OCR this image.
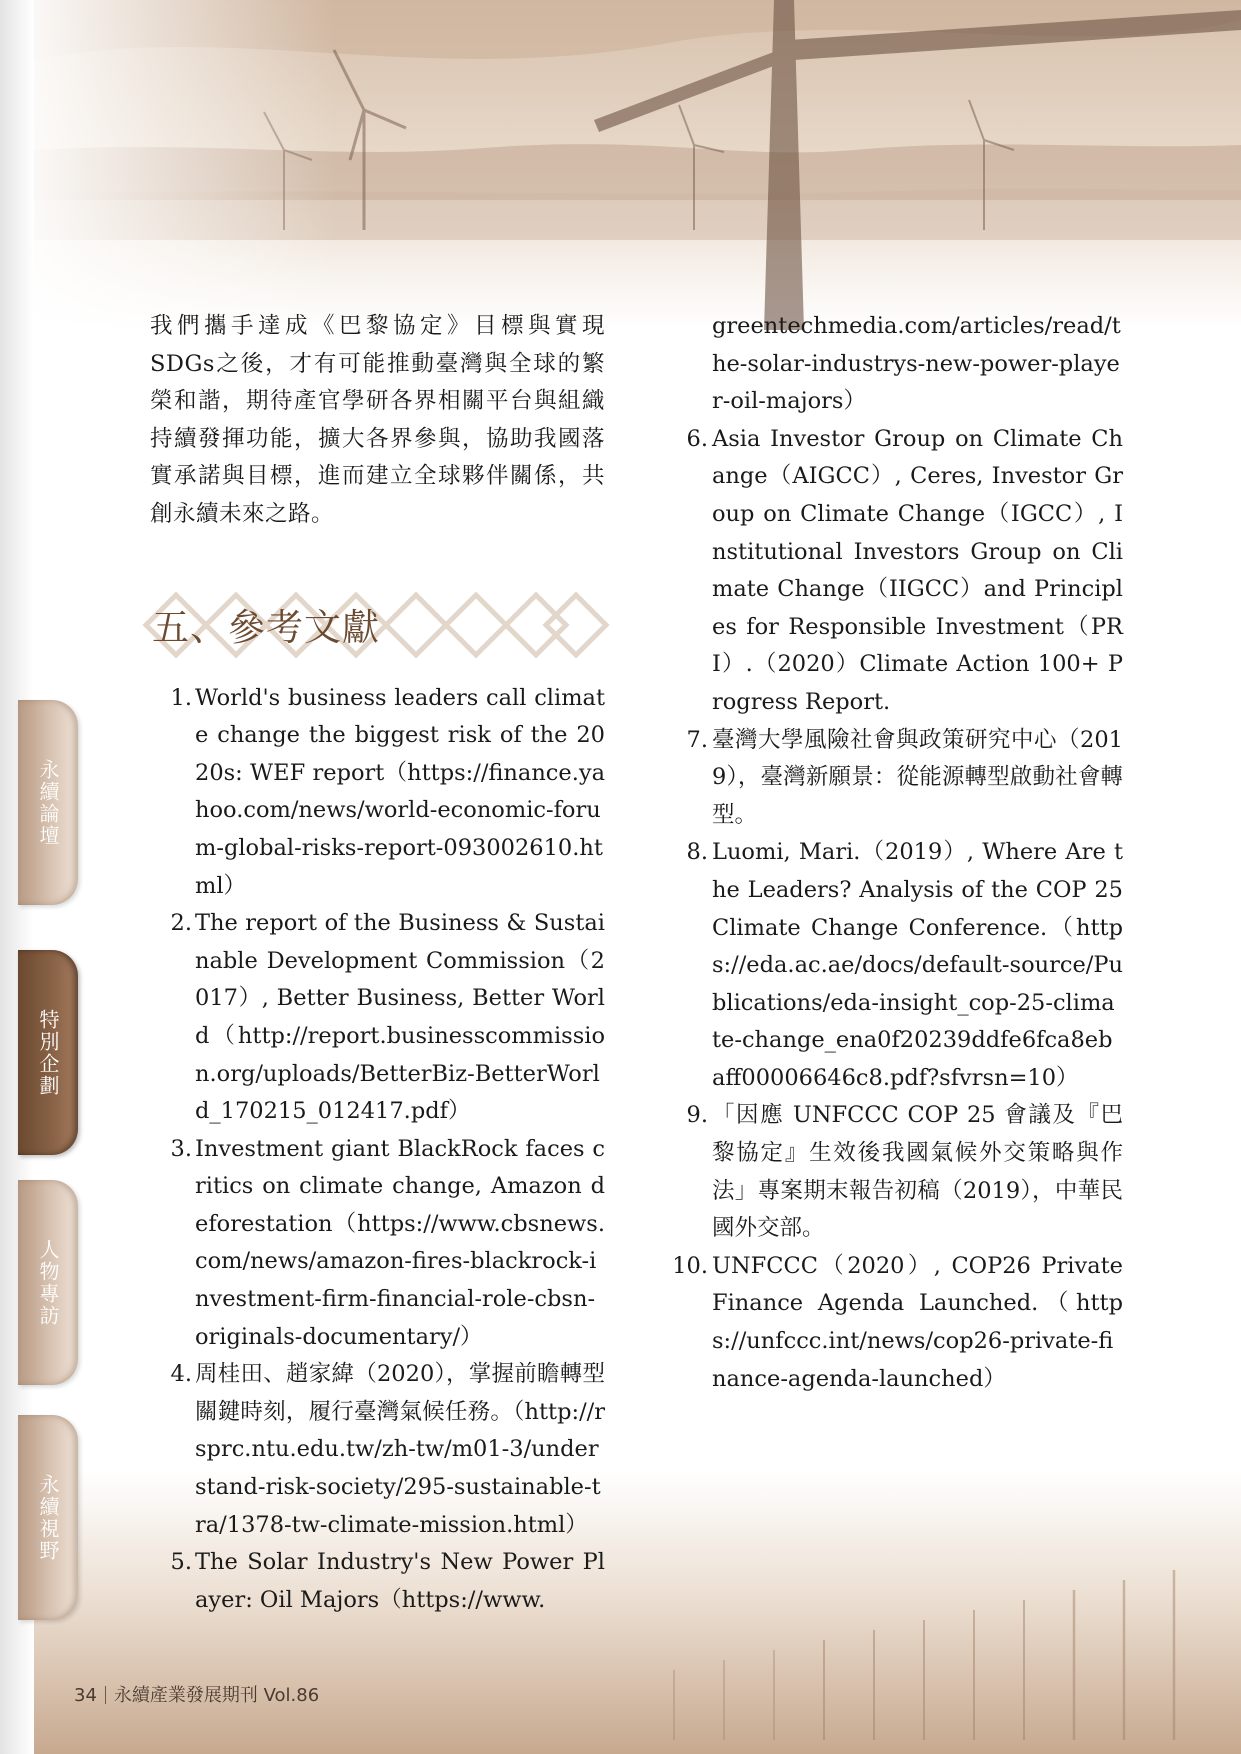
永續論壇
特別企劃
人物專訪
永續視野

我們攜手達成《巴黎協定》目標與實現SDGs之後，才有可能推動臺灣與全球的繁榮和諧，期待產官學研各界相關平台與組織持續發揮功能，擴大各界參與，協助我國落實承諾與目標，進而建立全球夥伴關係，共創永續未來之路。

五、參考文獻
1. World's business leaders call climate change the biggest risk of the 2020s: WEF report（https://finance.yahoo.com/news/world-economic-forum-global-risks-report-093002610.html）
2. The report of the Business & Sustainable Development Commission（2017）, Better Business, Better World（http://report.businesscommission.org/uploads/BetterBiz-BetterWorld_170215_012417.pdf）
3. Investment giant BlackRock faces critics on climate change, Amazon deforestation（https://www.cbsnews.com/news/amazon-fires-blackrock-investment-firm-financial-role-cbsn-originals-documentary/）
4. 周桂田、趙家緯（2020），掌握前瞻轉型關鍵時刻，履行臺灣氣候任務。（http://rsprc.ntu.edu.tw/zh-tw/m01-3/understand-risk-society/295-sustainable-tra/1378-tw-climate-mission.html）
5. The Solar Industry's New Power Player: Oil Majors（https://www.
greentechmedia.com/articles/read/the-solar-industrys-new-power-player-oil-majors）
6. Asia Investor Group on Climate Change（AIGCC）, Ceres, Investor Group on Climate Change（IGCC）, Institutional Investors Group on Climate Change（IIGCC）and Principles for Responsible Investment（PRI）.（2020）Climate Action 100+ Progress Report.
7. 臺灣大學風險社會與政策研究中心（2019），臺灣新願景：從能源轉型啟動社會轉型。
8. Luomi, Mari.（2019）, Where Are the Leaders? Analysis of the COP 25 Climate Change Conference.（https://eda.ac.ae/docs/default-source/Publications/eda-insight_cop-25-climate-change_ena0f20239ddfe6fca8ebaff00006646c8.pdf?sfvrsn=10）
9. 「因應 UNFCCC COP 25 會議及『巴黎協定』生效後我國氣候外交策略與作法」專案期末報告初稿（2019），中華民國外交部。
10. UNFCCC（2020）, COP26 Private Finance Agenda Launched.（https://unfccc.int/news/cop26-private-finance-agenda-launched）
34 永續產業發展期刊 Vol.86
